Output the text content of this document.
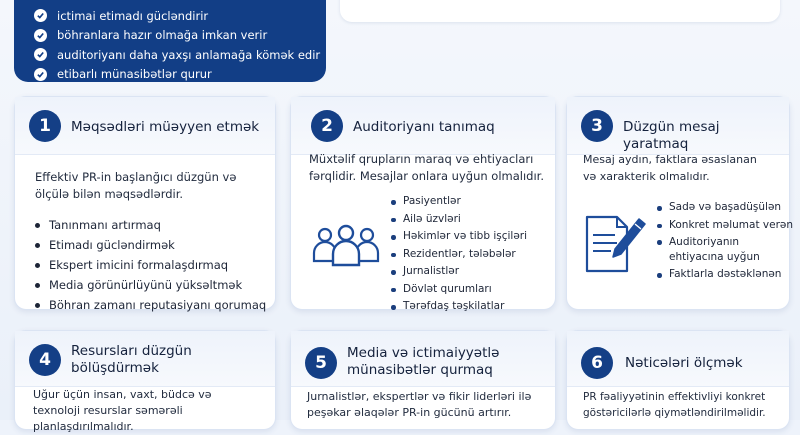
ictimai etimadı gücləndirir
böhranlara hazır olmağa imkan verir
auditoriyanı daha yaxşı anlamağa kömək edir
etibarlı münasibətlər qurur
1	Məqsədləri müəyyen etmək
Effektiv PR-in başlanğıcı düzgün və
ölçülə bilən məqsədlərdir.
Tanınmanı artırmaq
Etimadı gücləndirmək
Ekspert imicini formalaşdırmaq
Media görünürlüyünü yüksəltmək
Böhran zamanı reputasiyanı qorumaq
2	Auditoriyanı tanımaq
Müxtəlif qrupların maraq və ehtiyacları
fərqlidir. Mesajlar onlara uyğun olmalıdır.
Pasiyentlər
Ailə üzvləri
Həkimlər və tibb işçiləri
Rezidentlər, tələbələr
Jurnalistlər
Dövlət qurumları
Tərəfdaş təşkilatlar
3	Düzgün mesaj yaratmaq
Mesaj aydın, faktlara əsaslanan
və xarakterik olmalıdır.
Sadə və başadüşülən
Konkret məlumat verən
Auditoriyanın ehtiyacına uyğun
Faktlarla dəstəklənən
4	Resursları düzgün
bölüşdürmək
Uğur üçün insan, vaxt, büdcə və
texnoloji resurslar səmərəli planlaşdırılmalıdır.
5	Media və ictimaiyyətlə
münasibətlər qurmaq
Jurnalistlər, ekspertlər və fikir liderləri ilə
peşəkar əlaqələr PR-in gücünü artırır.
6	Nəticələri ölçmək
PR fəaliyyətinin effektivliyi konkret
göstəricilərlə qiymətləndirilməlidir.
